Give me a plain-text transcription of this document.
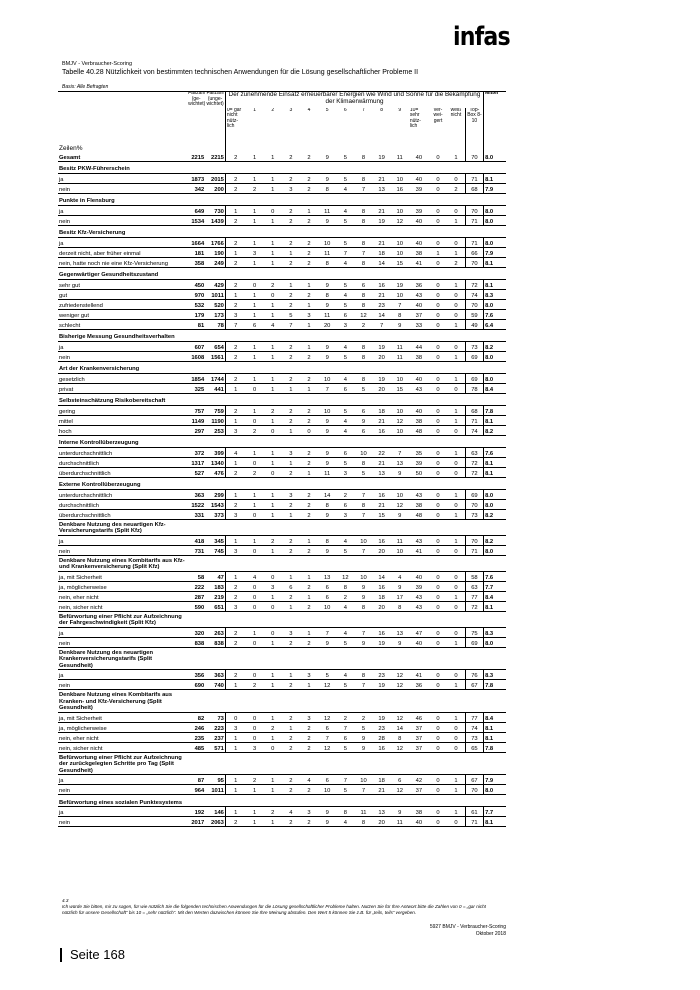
infas
BMJV - Verbraucher-Scoring
Tabelle 40.28 Nützlichkeit von bestimmten technischen Anwendungen für die Lösung gesellschaftlicher Probleme II
Basis: Alle Befragten
Zeilen%	Fallzahl (ge-wichtet)	Fallzahl (unge-wichtet)	Der zunehmende Einsatz erneuerbarer Energien wie Wind und Sonne für die Bekämpfung der Klimaerwärmung														Mittel
			0= gar nicht nütz-lich	1	2	3	4	5	6	7	8	9	10= sehr nütz-lich	ver-wei-gert	weiß nicht	Top-Box 8-10	
Gesamt	2215	2215	2	1	1	2	2	9	5	8	19	11	40	0	1	70	8.0
Besitz PKW-Führerschein																	
ja	1873	2015	2	1	1	2	2	9	5	8	21	10	40	0	0	71	8.1
nein	342	200	2	2	1	3	2	8	4	7	13	16	39	0	2	68	7.9
Punkte in Flensburg																	
ja	649	730	1	1	0	2	1	11	4	8	21	10	39	0	0	70	8.0
nein	1534	1439	2	1	1	2	2	9	5	8	19	12	40	0	1	71	8.0
Besitz Kfz-Versicherung																	
ja	1664	1766	2	1	1	2	2	10	5	8	21	10	40	0	0	71	8.0
derzeit nicht, aber früher einmal	181	190	1	3	1	1	2	11	7	7	18	10	38	1	1	66	7.9
nein, hatte noch nie eine Kfz-Versicherung	358	249	2	1	1	2	2	8	4	8	14	15	41	0	2	70	8.1
Gegenwärtiger Gesundheitszustand																	
sehr gut	450	429	2	0	2	1	1	9	5	6	16	19	36	0	1	72	8.1
gut	970	1011	1	1	0	2	2	8	4	8	21	10	43	0	0	74	8.3
zufriedenstellend	532	520	2	1	1	2	1	9	5	8	23	7	40	0	0	70	8.0
weniger gut	179	173	3	1	1	5	3	11	6	12	14	8	37	0	0	59	7.6
schlecht	81	78	7	6	4	7	1	20	3	2	7	9	33	0	1	49	6.4
Bisherige Messung Gesundheitsverhalten																	
ja	607	654	2	1	1	2	1	9	4	8	19	11	44	0	0	73	8.2
nein	1608	1561	2	1	1	2	2	9	5	8	20	11	38	0	1	69	8.0
Art der Krankenversicherung																	
gesetzlich	1854	1744	2	1	1	2	2	10	4	8	19	10	40	0	1	69	8.0
privat	325	441	1	0	1	1	1	7	6	5	20	15	43	0	0	78	8.4
Selbsteinschätzung Risikobereitschaft																	
gering	757	759	2	1	2	2	2	10	5	6	18	10	40	0	1	68	7.8
mittel	1149	1190	1	0	1	2	2	9	4	9	21	12	38	0	1	71	8.1
hoch	297	253	3	2	0	1	0	9	4	6	16	10	48	0	0	74	8.2
Interne Kontrollüberzeugung																	
unterdurchschnittlich	372	399	4	1	1	3	2	9	6	10	22	7	35	0	1	63	7.6
durchschnittlich	1317	1340	1	0	1	1	2	9	5	8	21	13	39	0	0	72	8.1
überdurchschnittlich	527	476	2	2	0	2	1	11	3	5	13	9	50	0	0	72	8.1
Externe Kontrollüberzeugung																	
unterdurchschnittlich	363	299	1	1	1	3	2	14	2	7	16	10	43	0	1	69	8.0
durchschnittlich	1522	1543	2	1	1	2	2	8	6	8	21	12	38	0	0	70	8.0
überdurchschnittlich	331	373	3	0	1	1	2	9	3	7	15	9	48	0	1	73	8.2
Denkbare Nutzung des neuartigen Kfz-Versicherungstarifs (Split Kfz)																	
ja	418	345	1	1	2	2	1	8	4	10	16	11	43	0	1	70	8.2
nein	731	745	3	0	1	2	2	9	5	7	20	10	41	0	0	71	8.0
Denkbare Nutzung eines Kombitarifs aus Kfz- und Krankenversicherung (Split Kfz)																	
ja, mit Sicherheit	58	47	1	4	0	1	1	13	12	10	14	4	40	0	0	58	7.6
ja, möglicherweise	222	183	2	0	3	6	2	6	8	9	16	9	39	0	0	63	7.7
nein, eher nicht	287	219	2	0	1	2	1	6	2	9	18	17	43	0	1	77	8.4
nein, sicher nicht	590	651	3	0	0	1	2	10	4	8	20	8	43	0	0	72	8.1
Befürwortung einer Pflicht zur Aufzeichnung der Fahrgeschwindigkeit (Split Kfz)																	
ja	320	263	2	1	0	3	1	7	4	7	16	13	47	0	0	75	8.3
nein	838	838	2	0	1	2	2	9	5	9	19	9	40	0	1	69	8.0
Denkbare Nutzung des neuartigen Krankenversicherungstarifs (Split Gesundheit)																	
ja	356	363	2	0	1	1	3	5	4	8	23	12	41	0	0	76	8.3
nein	690	740	1	2	1	2	1	12	5	7	19	12	36	0	1	67	7.8
Denkbare Nutzung eines Kombitarifs aus Kranken- und Kfz-Versicherung (Split Gesundheit)																	
ja, mit Sicherheit	82	73	0	0	1	2	3	12	2	2	19	12	46	0	1	77	8.4
ja, möglicherweise	246	223	3	0	2	1	2	6	7	5	23	14	37	0	0	74	8.1
nein, eher nicht	235	237	1	0	1	2	2	7	6	9	28	8	37	0	0	73	8.1
nein, sicher nicht	485	571	1	3	0	2	2	12	5	9	16	12	37	0	0	65	7.8
Befürwortung einer Pflicht zur Aufzeichnung der zurückgelegten Schritte pro Tag (Split Gesundheit)																	
ja	87	95	1	2	1	2	4	6	7	10	18	6	42	0	1	67	7.9
nein	964	1011	1	1	1	2	2	10	5	7	21	12	37	0	1	70	8.0
Befürwortung eines sozialen Punktesystems																	
ja	192	146	1	1	2	4	3	9	8	11	13	9	38	0	1	61	7.7
nein	2017	2063	2	1	1	2	2	9	4	8	20	11	40	0	0	71	8.1
4.3
Ich würde Sie bitten, mir zu sagen, für wie nützlich Sie die folgenden technischen Anwendungen für die Lösung gesellschaftlicher Probleme halten. Nutzen Sie für Ihre Antwort bitte die Zahlen von 0 = „gar nicht nützlich für unsere Gesellschaft“ bis 10 = „sehr nützlich“. Mit den Werten dazwischen können Sie Ihre Meinung abstufen. Den Wert 5 können Sie z.B. für „teils, teils“ vergeben.
5927 BMJV - Verbraucher-Scoring
Oktober 2018
Seite 168
